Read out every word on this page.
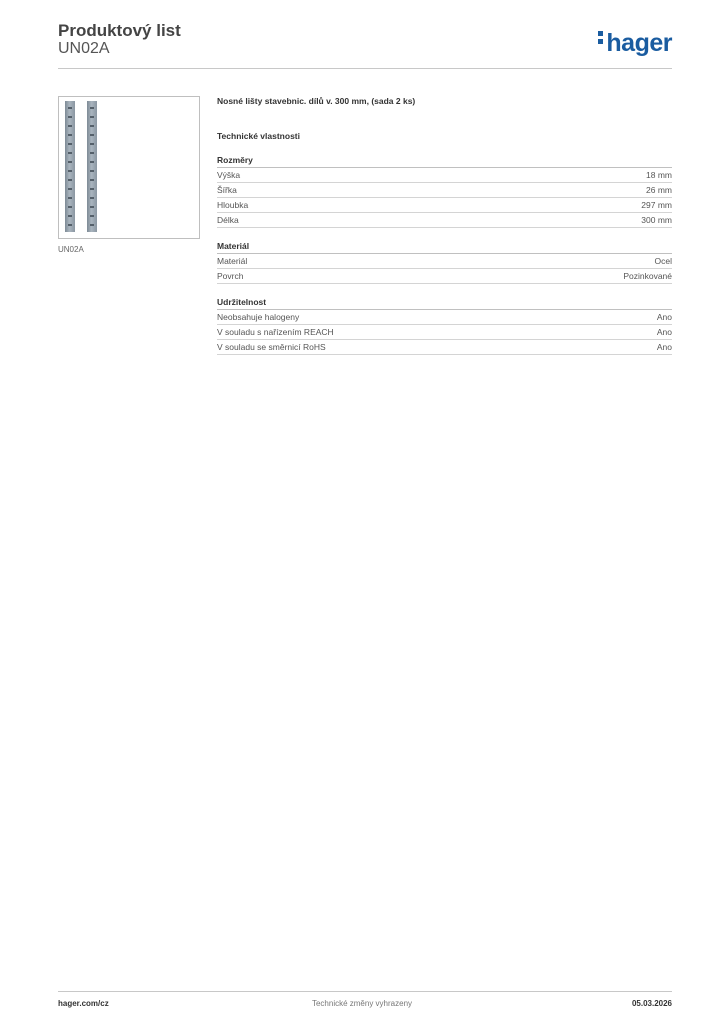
Produktový list
UN02A	hager
UN02A
Nosné lišty stavebnic. dílů v. 300 mm, (sada 2 ks)
Technické vlastnosti
Rozměry
Výška	18 mm
Šířka	26 mm
Hloubka	297 mm
Délka	300 mm
Materiál
Materiál	Ocel
Povrch	Pozinkované
Udržitelnost
Neobsahuje halogeny	Ano
V souladu s nařízením REACH	Ano
V souladu se směrnicí RoHS	Ano
hager.com/cz	Technické změny vyhrazeny	05.03.2026
